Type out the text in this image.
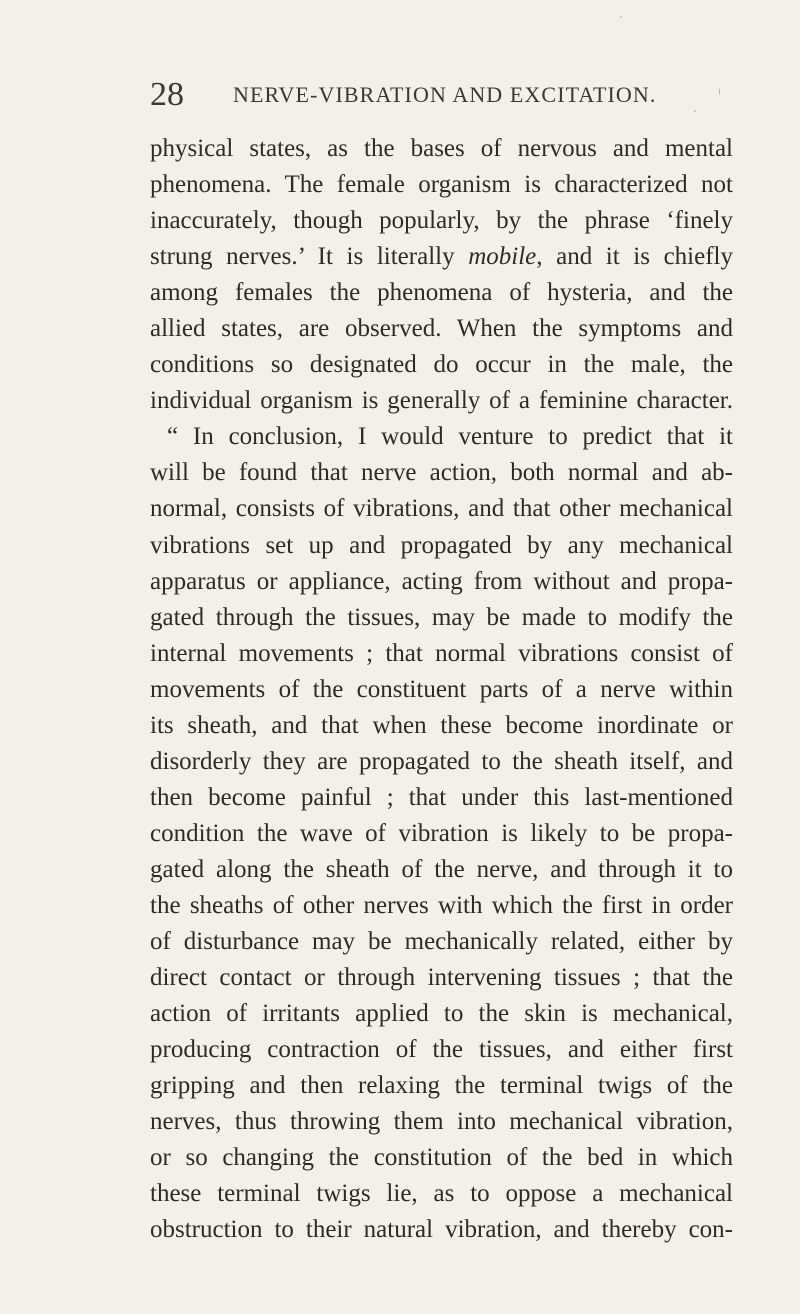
28 NERVE-VIBRATION AND EXCITATION.
physical states, as the bases of nervous and mental
phenomena. The female organism is characterized not
inaccurately, though popularly, by the phrase ‘finely
strung nerves.’ It is literally mobile, and it is chiefly
among females the phenomena of hysteria, and the
allied states, are observed. When the symptoms and
conditions so designated do occur in the male, the
individual organism is generally of a feminine character.
“ In conclusion, I would venture to predict that it
will be found that nerve action, both normal and ab-
normal, consists of vibrations, and that other mechanical
vibrations set up and propagated by any mechanical
apparatus or appliance, acting from without and propa-
gated through the tissues, may be made to modify the
internal movements ; that normal vibrations consist of
movements of the constituent parts of a nerve within
its sheath, and that when these become inordinate or
disorderly they are propagated to the sheath itself, and
then become painful ; that under this last-mentioned
condition the wave of vibration is likely to be propa-
gated along the sheath of the nerve, and through it to
the sheaths of other nerves with which the first in order
of disturbance may be mechanically related, either by
direct contact or through intervening tissues ; that the
action of irritants applied to the skin is mechanical,
producing contraction of the tissues, and either first
gripping and then relaxing the terminal twigs of the
nerves, thus throwing them into mechanical vibration,
or so changing the constitution of the bed in which
these terminal twigs lie, as to oppose a mechanical
obstruction to their natural vibration, and thereby con-
